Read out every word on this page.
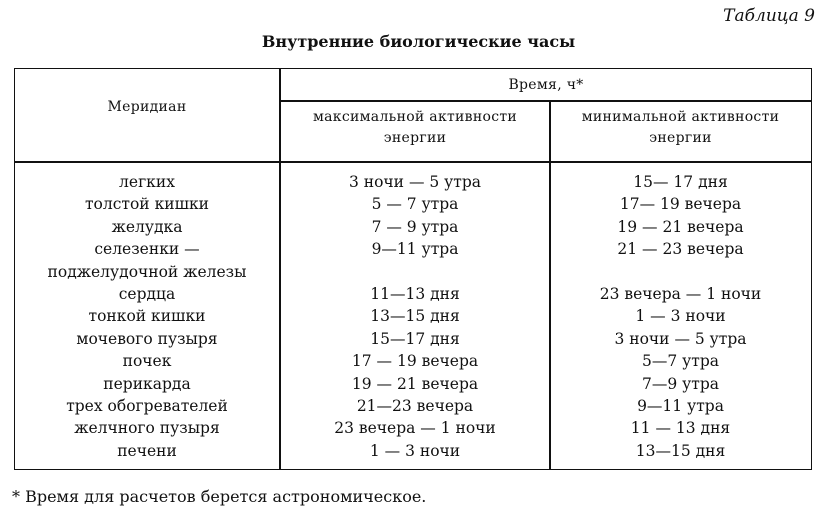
Таблица 9
Внутренние биологические часы
Меридиан
Время, ч*
максимальной активности
энергии
минимальной активности
энергии
легких	3 ночи — 5 утра	15— 17 дня
толстой кишки	5 — 7 утра	17— 19 вечера
желудка	7 — 9 утра	19 — 21 вечера
селезенки —	9—11 утра	21 — 23 вечера
поджелудочной железы
сердца	11—13 дня	23 вечера — 1 ночи
тонкой кишки	13—15 дня	1 — 3 ночи
мочевого пузыря	15—17 дня	3 ночи — 5 утра
почек	17 — 19 вечера	5—7 утра
перикарда	19 — 21 вечера	7—9 утра
трех обогревателей	21—23 вечера	9—11 утра
желчного пузыря	23 вечера — 1 ночи	11 — 13 дня
печени	1 — 3 ночи	13—15 дня
* Время для расчетов берется астрономическое.
